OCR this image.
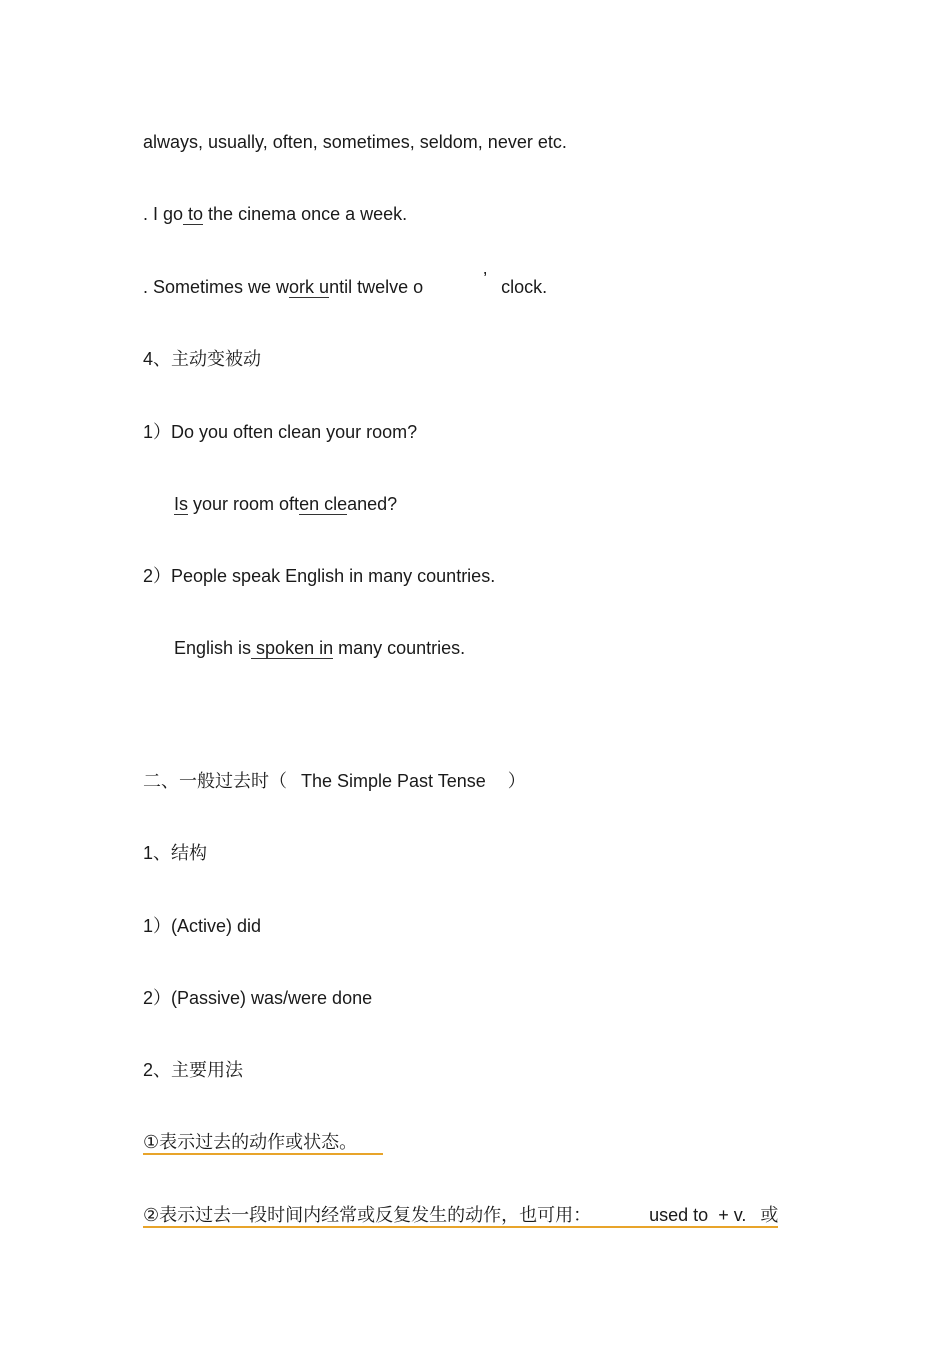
always, usually, often, sometimes, seldom, never etc.
. I go to the cinema once a week.
. Sometimes we work until twelve o	’ clock.
4、主动变被动
1）Do you often clean your room?
Is your room often cleaned?
2）People speak English in many countries.
English is spoken in many countries.
二、一般过去时（ The Simple Past Tense ）
1、结构
1）(Active) did
2）(Passive) was/were done
2、主要用法
①表示过去的动作或状态。
②表示过去一段时间内经常或反复发生的动作，也可用：	used to  + v. 或
